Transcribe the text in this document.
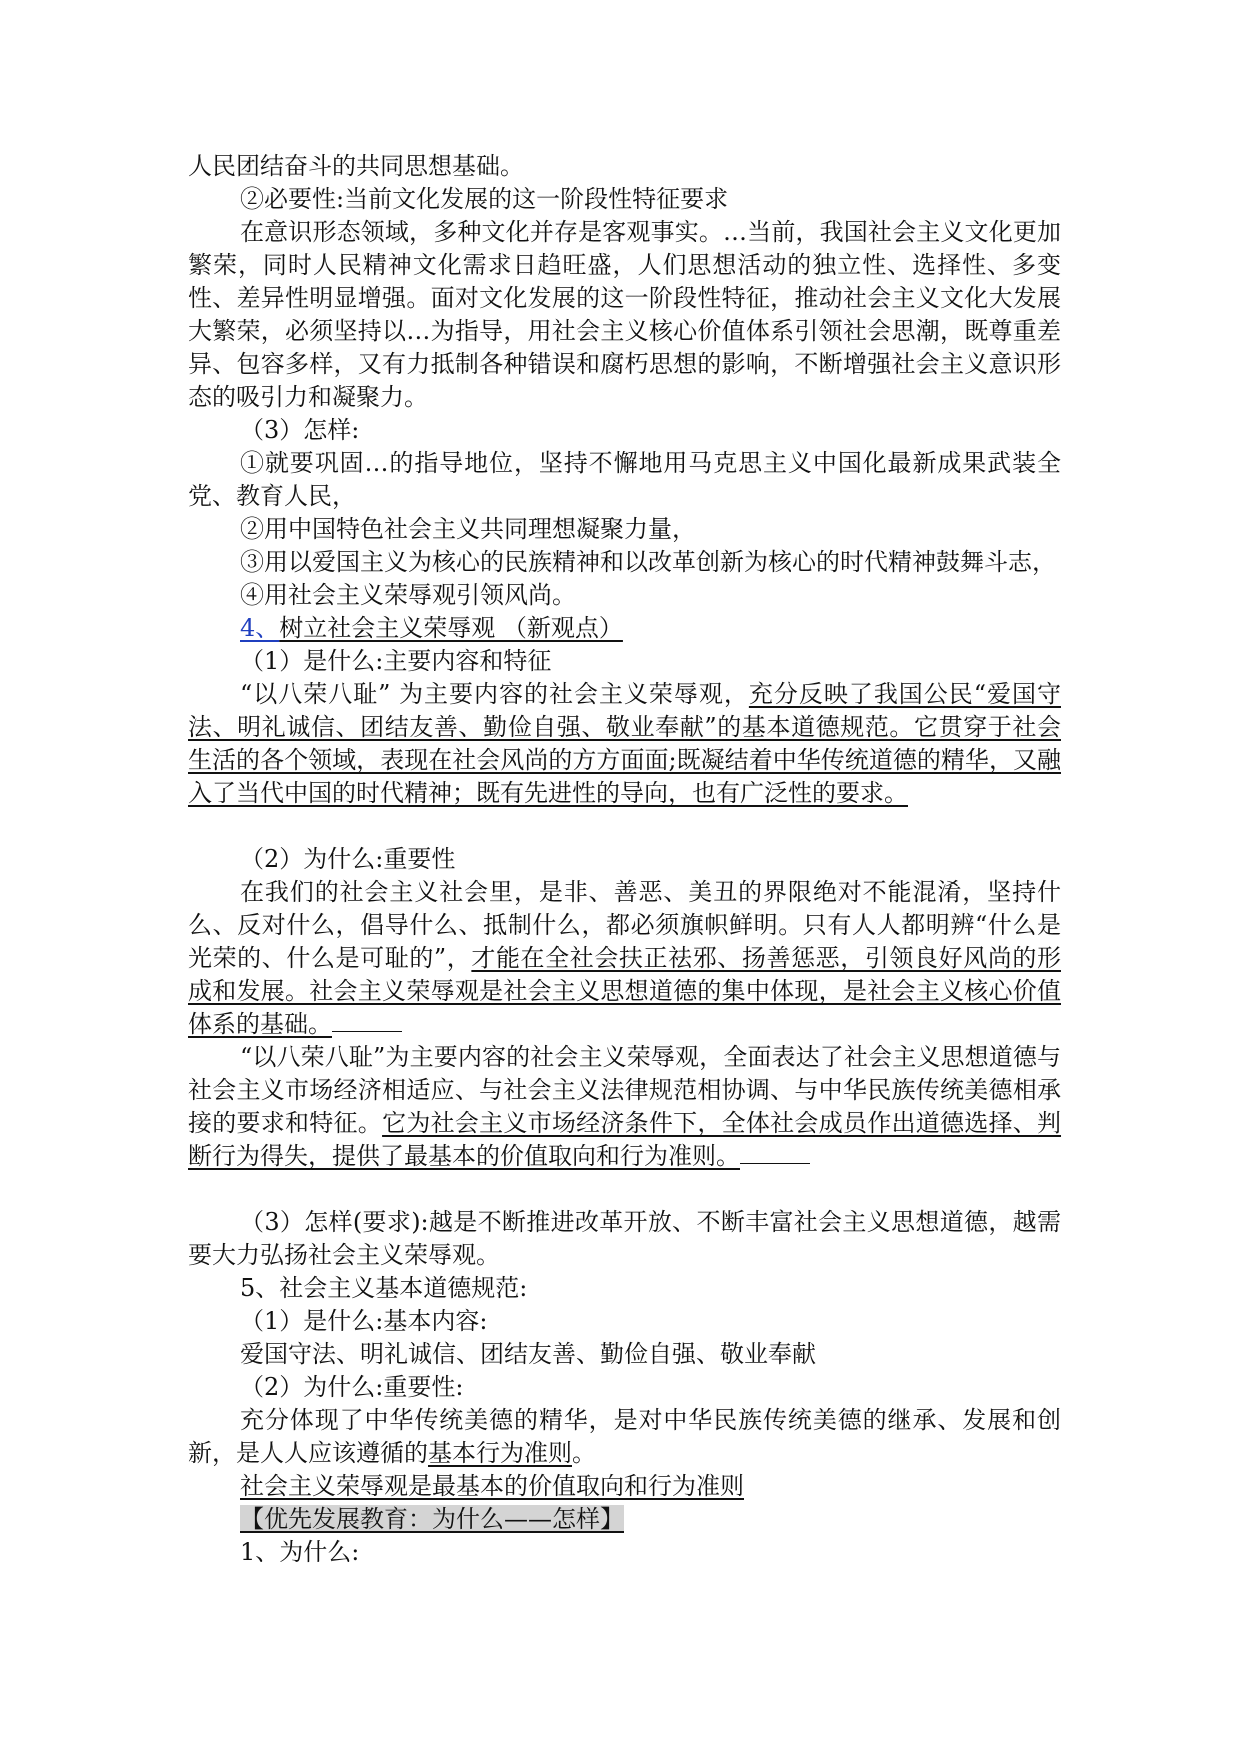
人民团结奋斗的共同思想基础。

②必要性:当前文化发展的这一阶段性特征要求

在意识形态领域，多种文化并存是客观事实。…当前，我国社会主义文化更加繁荣，同时人民精神文化需求日趋旺盛，人们思想活动的独立性、选择性、多变性、差异性明显增强。面对文化发展的这一阶段性特征，推动社会主义文化大发展大繁荣，必须坚持以…为指导，用社会主义核心价值体系引领社会思潮，既尊重差异、包容多样，又有力抵制各种错误和腐朽思想的影响，不断增强社会主义意识形态的吸引力和凝聚力。

（3）怎样:

①就要巩固…的指导地位，坚持不懈地用马克思主义中国化最新成果武装全党、教育人民，

②用中国特色社会主义共同理想凝聚力量，

③用以爱国主义为核心的民族精神和以改革创新为核心的时代精神鼓舞斗志，

④用社会主义荣辱观引领风尚。

4、树立社会主义荣辱观 （新观点）

（1）是什么:主要内容和特征

“以八荣八耻” 为主要内容的社会主义荣辱观，充分反映了我国公民“爱国守法、明礼诚信、团结友善、勤俭自强、敬业奉献”的基本道德规范。它贯穿于社会生活的各个领域，表现在社会风尚的方方面面;既凝结着中华传统道德的精华，又融入了当代中国的时代精神；既有先进性的导向，也有广泛性的要求。

（2）为什么:重要性

在我们的社会主义社会里，是非、善恶、美丑的界限绝对不能混淆，坚持什么、反对什么，倡导什么、抵制什么，都必须旗帜鲜明。只有人人都明辨“什么是光荣的、什么是可耻的”，才能在全社会扶正祛邪、扬善惩恶，引领良好风尚的形成和发展。社会主义荣辱观是社会主义思想道德的集中体现，是社会主义核心价值体系的基础。

“以八荣八耻”为主要内容的社会主义荣辱观，全面表达了社会主义思想道德与社会主义市场经济相适应、与社会主义法律规范相协调、与中华民族传统美德相承接的要求和特征。它为社会主义市场经济条件下，全体社会成员作出道德选择、判断行为得失，提供了最基本的价值取向和行为准则。

（3）怎样(要求):越是不断推进改革开放、不断丰富社会主义思想道德，越需要大力弘扬社会主义荣辱观。

5、社会主义基本道德规范:

（1）是什么:基本内容:

爱国守法、明礼诚信、团结友善、勤俭自强、敬业奉献

（2）为什么:重要性:

充分体现了中华传统美德的精华，是对中华民族传统美德的继承、发展和创新，是人人应该遵循的基本行为准则。

社会主义荣辱观是最基本的价值取向和行为准则

【优先发展教育：为什么——怎样】

1、为什么:
